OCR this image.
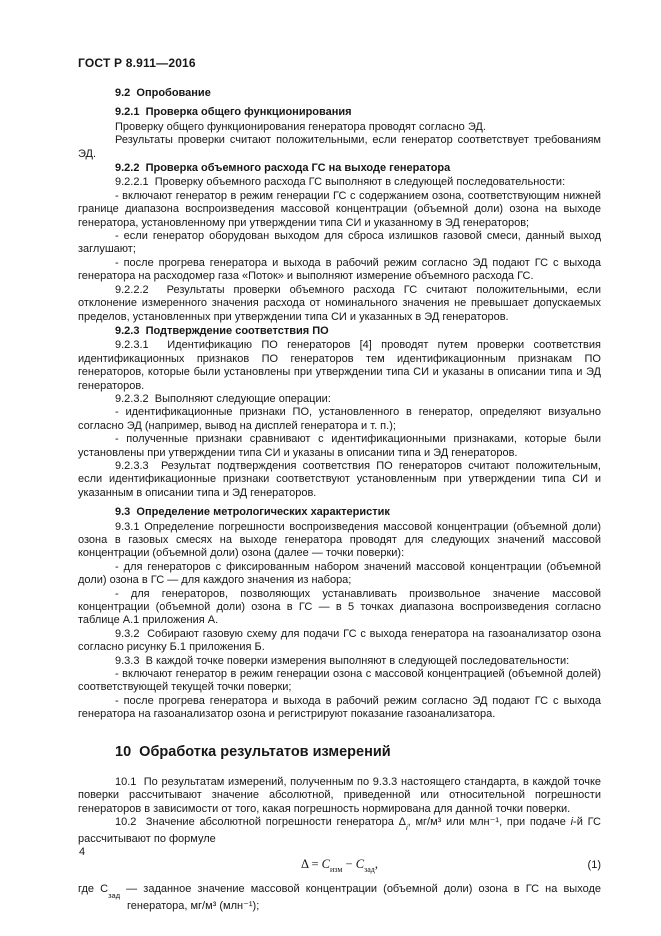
ГОСТ Р 8.911—2016
9.2  Опробование
9.2.1  Проверка общего функционирования

Проверку общего функционирования генератора проводят согласно ЭД.

Результаты проверки считают положительными, если генератор соответствует требованиям ЭД.

9.2.2  Проверка объемного расхода ГС на выходе генератора

9.2.2.1  Проверку объемного расхода ГС выполняют в следующей последовательности:

- включают генератор в режим генерации ГС с содержанием озона, соответствующим нижней границе диапазона воспроизведения массовой концентрации (объемной доли) озона на выходе генератора, установленному при утверждении типа СИ и указанному в ЭД генераторов;

- если генератор оборудован выходом для сброса излишков газовой смеси, данный выход заглушают;

- после прогрева генератора и выхода в рабочий режим согласно ЭД подают ГС с выхода генератора на расходомер газа «Поток» и выполняют измерение объемного расхода ГС.

9.2.2.2  Результаты проверки объемного расхода ГС считают положительными, если отклонение измеренного значения расхода от номинального значения не превышает допускаемых пределов, установленных при утверждении типа СИ и указанных в ЭД генераторов.

9.2.3  Подтверждение соответствия ПО

9.2.3.1  Идентификацию ПО генераторов [4] проводят путем проверки соответствия идентификационных признаков ПО генераторов тем идентификационным признакам ПО генераторов, которые были установлены при утверждении типа СИ и указаны в описании типа и ЭД генераторов.

9.2.3.2  Выполняют следующие операции:

- идентификационные признаки ПО, установленного в генератор, определяют визуально согласно ЭД (например, вывод на дисплей генератора и т. п.);

- полученные признаки сравнивают с идентификационными признаками, которые были установлены при утверждении типа СИ и указаны в описании типа и ЭД генераторов.

9.2.3.3  Результат подтверждения соответствия ПО генераторов считают положительным, если идентификационные признаки соответствуют установленным при утверждении типа СИ и указанным в описании типа и ЭД генераторов.

9.3  Определение метрологических характеристик

9.3.1 Определение погрешности воспроизведения массовой концентрации (объемной доли) озона в газовых смесях на выходе генератора проводят для следующих значений массовой концентрации (объемной доли) озона (далее — точки поверки):

- для генераторов с фиксированным набором значений массовой концентрации (объемной доли) озона в ГС — для каждого значения из набора;

- для генераторов, позволяющих устанавливать произвольное значение массовой концентрации (объемной доли) озона в ГС — в 5 точках диапазона воспроизведения согласно таблице А.1 приложения А.

9.3.2  Собирают газовую схему для подачи ГС с выхода генератора на газоанализатор озона согласно рисунку Б.1 приложения Б.

9.3.3  В каждой точке поверки измерения выполняют в следующей последовательности:

- включают генератор в режим генерации озона с массовой концентрацией (объемной долей) соответствующей текущей точки поверки;

- после прогрева генератора и выхода в рабочий режим согласно ЭД подают ГС с выхода генератора на газоанализатор озона и регистрируют показание газоанализатора.

10  Обработка результатов измерений

10.1  По результатам измерений, полученным по 9.3.3 настоящего стандарта, в каждой точке поверки рассчитывают значение абсолютной, приведенной или относительной погрешности генераторов в зависимости от того, какая погрешность нормирована для данной точки поверки.

10.2  Значение абсолютной погрешности генератора $\Delta_i$, мг/м³ или млн⁻¹, при подаче i-й ГС рассчитывают по формуле

$\Delta = С_{изм} - С_{зад}$,	(1)

где $С_{зад}$ — заданное значение массовой концентрации (объемной доли) озона в ГС на выходе генератора, мг/м³ (млн⁻¹);

4
